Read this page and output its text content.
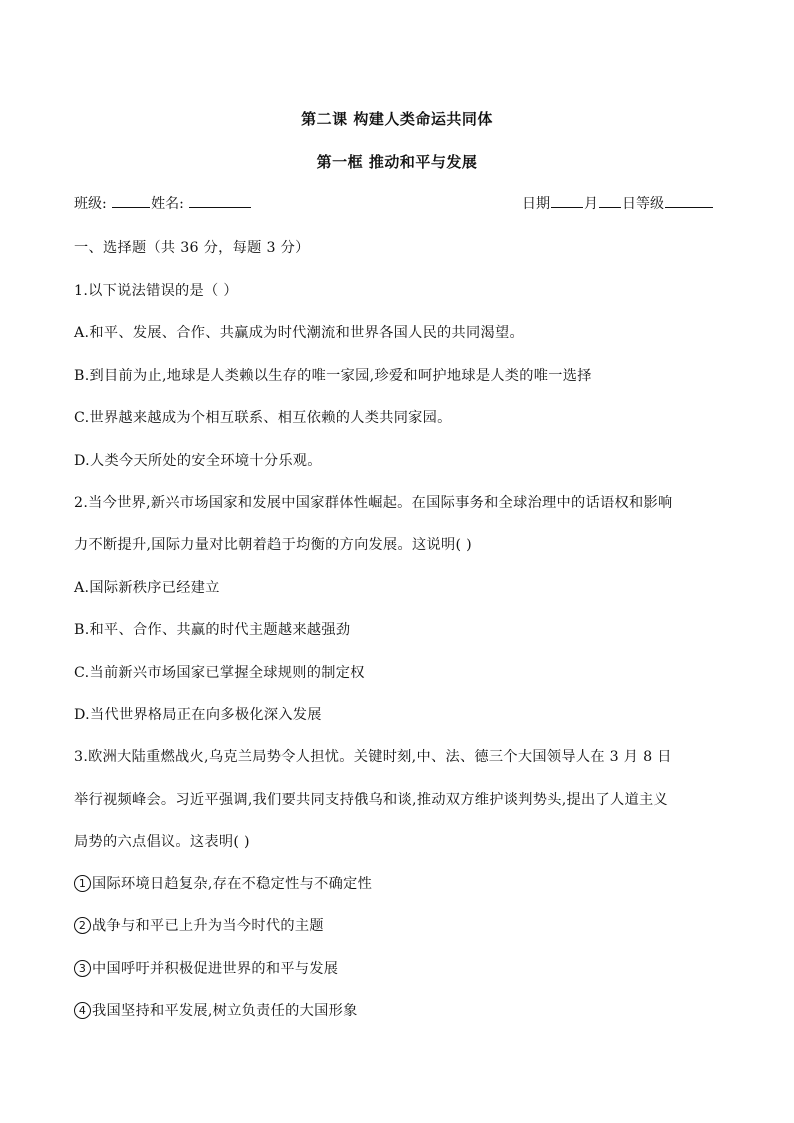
第二课 构建人类命运共同体
第一框 推动和平与发展
班级:	姓名:	日期 月 日等级
一、选择题（共 36 分，每题 3 分）
1.以下说法错误的是（ ）
A.和平、发展、合作、共赢成为时代潮流和世界各国人民的共同渴望。
B.到目前为止,地球是人类赖以生存的唯一家园,珍爱和呵护地球是人类的唯一选择
C.世界越来越成为个相互联系、相互依赖的人类共同家园。
D.人类今天所处的安全环境十分乐观。
2.当今世界,新兴市场国家和发展中国家群体性崛起。在国际事务和全球治理中的话语权和影响
力不断提升,国际力量对比朝着趋于均衡的方向发展。这说明( )
A.国际新秩序已经建立
B.和平、合作、共赢的时代主题越来越强劲
C.当前新兴市场国家已掌握全球规则的制定权
D.当代世界格局正在向多极化深入发展
3.欧洲大陆重燃战火,乌克兰局势令人担忧。关键时刻,中、法、德三个大国领导人在 3 月 8 日
举行视频峰会。习近平强调,我们要共同支持俄乌和谈,推动双方维护谈判势头,提出了人道主义
局势的六点倡议。这表明( )
1 国际环境日趋复杂,存在不稳定性与不确定性
2 战争与和平已上升为当今时代的主题
3 中国呼吁并积极促进世界的和平与发展
4 我国坚持和平发展,树立负责任的大国形象
